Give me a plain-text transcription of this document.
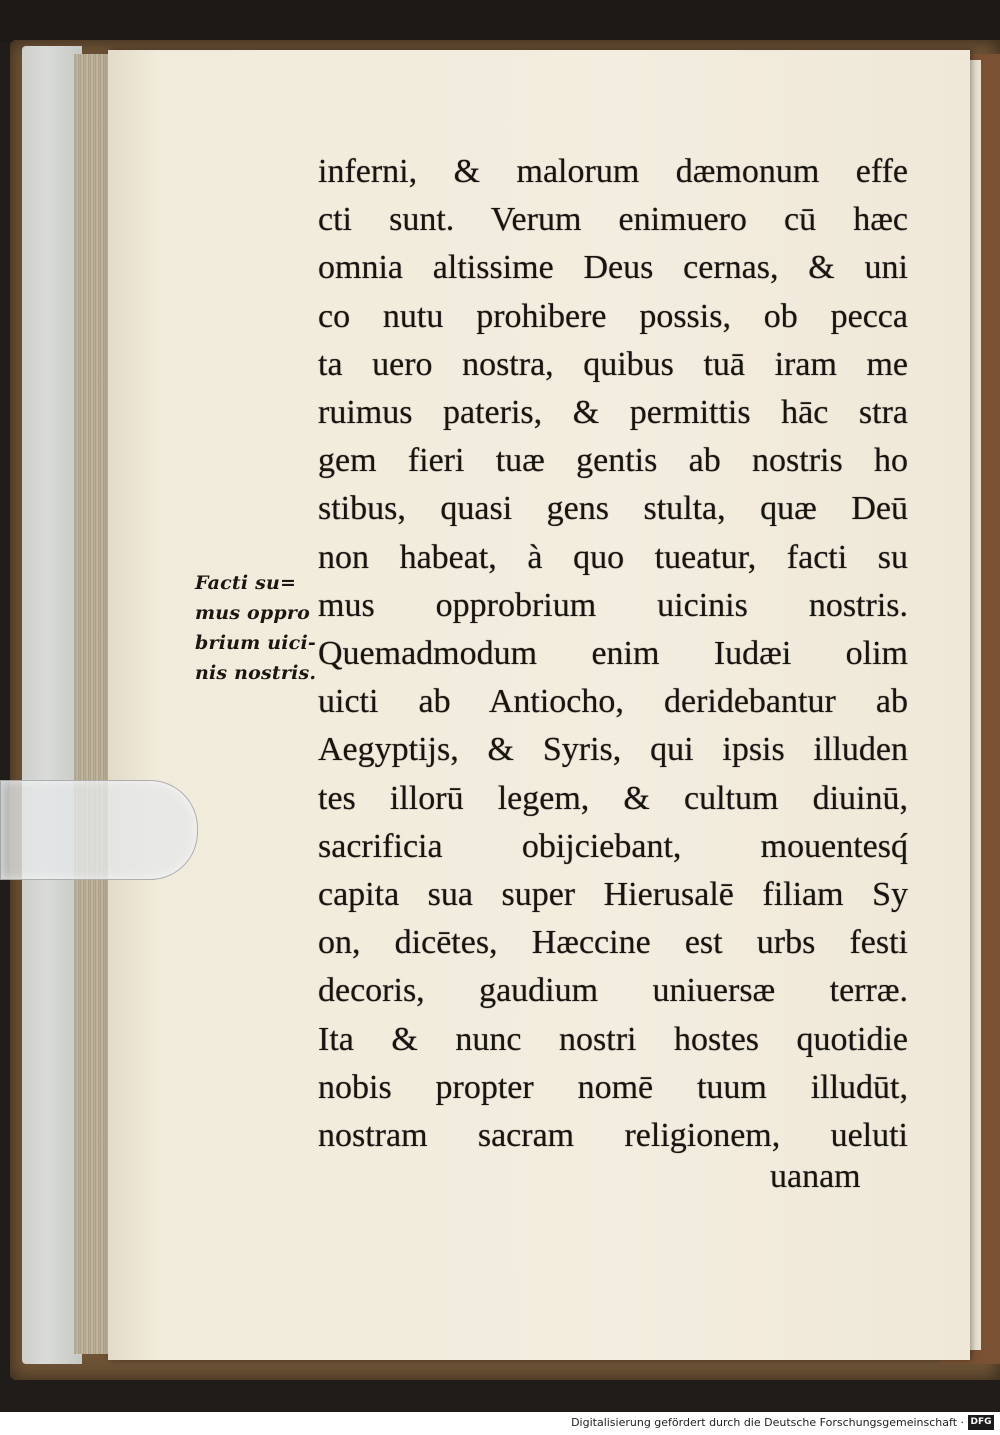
Facti su=
mus oppro
brium uici-
nis nostris.
inferni, & malorum dæmonum effe
cti sunt. Verum enimuero cū hæc
omnia altissime Deus cernas, & uni
co nutu prohibere possis, ob pecca
ta uero nostra, quibus tuā iram me
ruimus pateris, & permittis hāc stra
gem fieri tuæ gentis ab nostris ho
stibus, quasi gens stulta, quæ Deū
non habeat, à quo tueatur, facti su
mus opprobrium uicinis nostris.
Quemadmodum enim Iudæi olim
uicti ab Antiocho, deridebantur ab
Aegyptijs, & Syris, qui ipsis illuden
tes illorū legem, & cultum diuinū,
sacrificia obijciebant, mouentesq́
capita sua super Hierusalē filiam Sy
on, dicētes, Hæccine est urbs festi
decoris, gaudium uniuersæ terræ.
Ita & nunc nostri hostes quotidie
nobis propter nomē tuum illudūt,
nostram sacram religionem, ueluti
uanam
Digitalisierung gefördert durch die Deutsche Forschungsgemeinschaft · DFG
